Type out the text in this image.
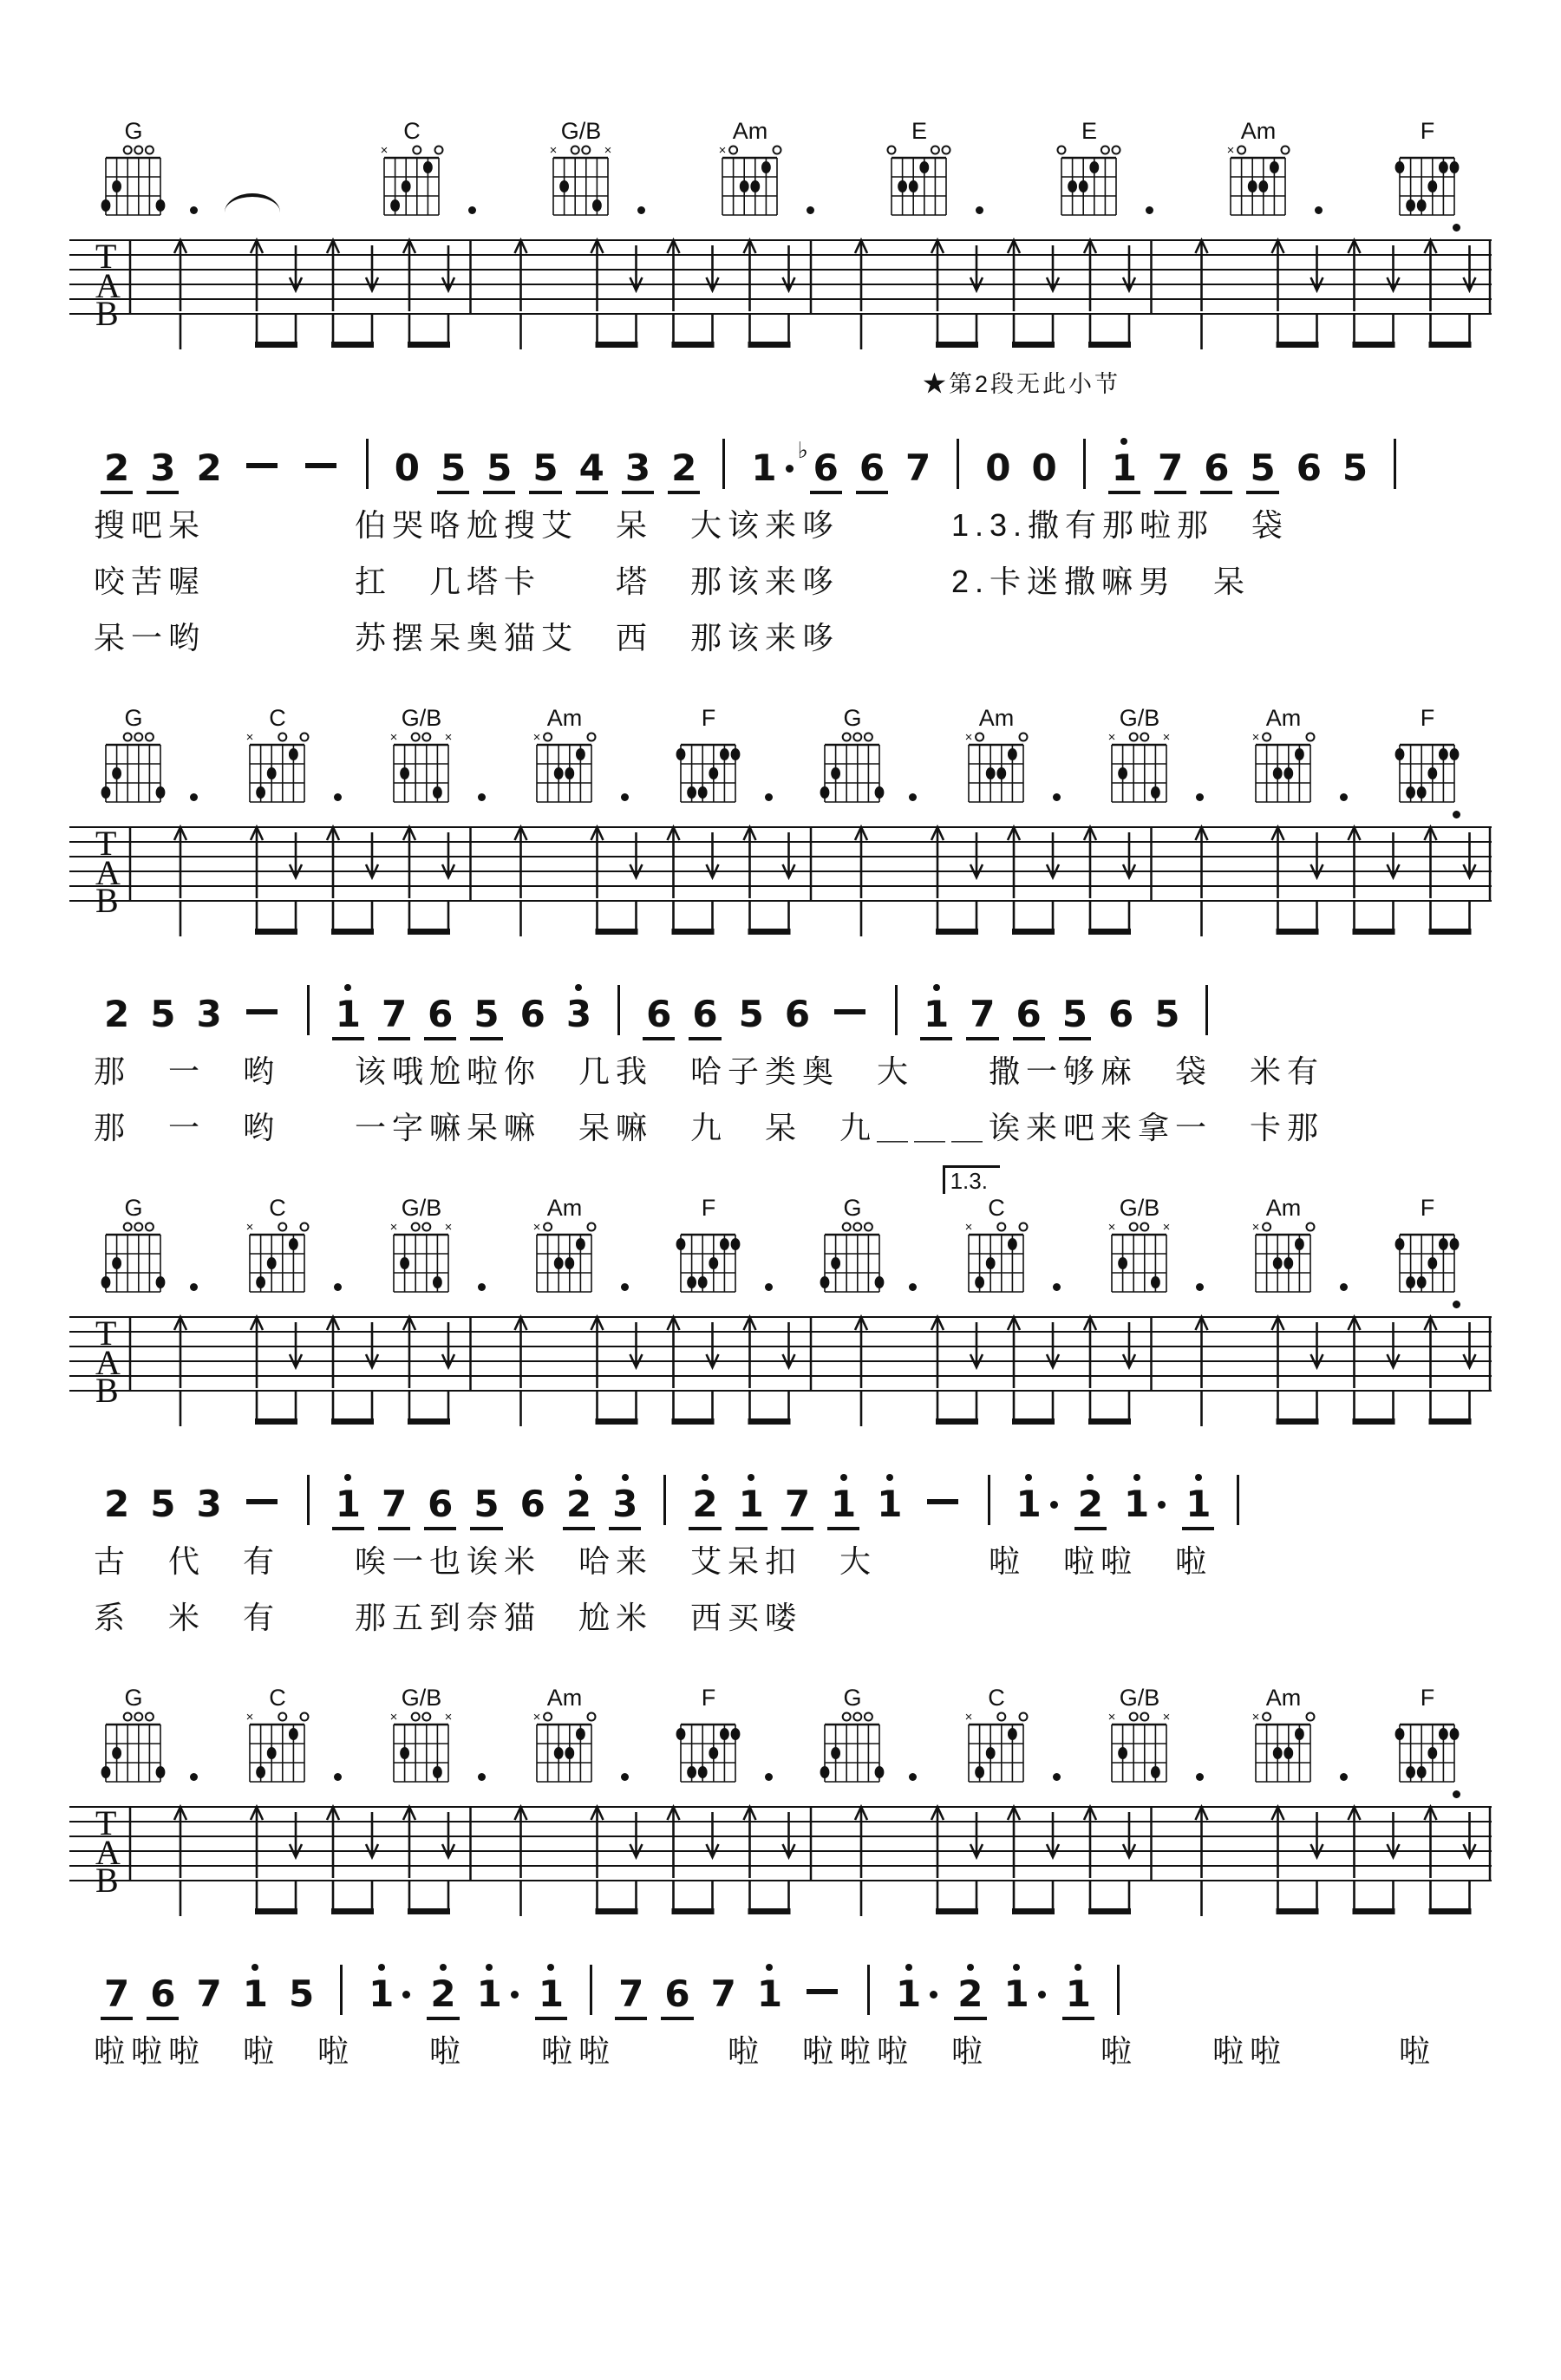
G	C
×
G/B
×	×
Am
×
E	E	Am
×
F
T
A
B
★第2段无此小节
2 3 2	0 5 5 5 4 3 2 1 ♭ 6 6 7 0 0 1 7 6 5 6 5
搜吧呆　　　　伯哭咯尬搜艾　呆　大该来哆　　　1.3.撒有那啦那　袋
咬苦喔　　　　扛　几塔卡　　塔　那该来哆　　　2.卡迷撒嘛男　呆
呆一哟　　　　苏摆呆奥猫艾　西　那该来哆
G	C
×
G/B
×	×
Am
×
F	G	Am
×
G/B
×	×
Am
×
F
T
A
B
2 5 3	1 7 6 5 6 3 6 6 5 6	1 7 6 5 6 5
那　一　哟　　该哦尬啦你　几我　哈子类奥　大　　撒一够麻　袋　米有
那　一　哟　　一字嘛呆嘛　呆嘛　九　呆　九＿＿＿诶来吧来拿一　卡那
G	C
×
G/B
×	×
Am
×
F	G	C
×
1.3.
G/B
×	×
Am
×
F
T
A
B
2 5 3	1 7 6 5 6 2 3 2 1 7 1 1	1 2 1 1
古　代　有　　唉一也诶米　哈来　艾呆扣　大　　　啦　啦啦　啦
系　米　有　　那五到奈猫　尬米　西买喽
G	C
×
G/B
×	×
Am
×
F	G	C
×
G/B
×	×
Am
×
F
T
A
B
7 6 7 1 5 1 2 1 1 7 6 7 1	1 2 1 1
啦啦啦　啦　啦　　啦　　啦啦　　　啦　啦啦啦　啦　　　啦　　啦啦　　　啦
